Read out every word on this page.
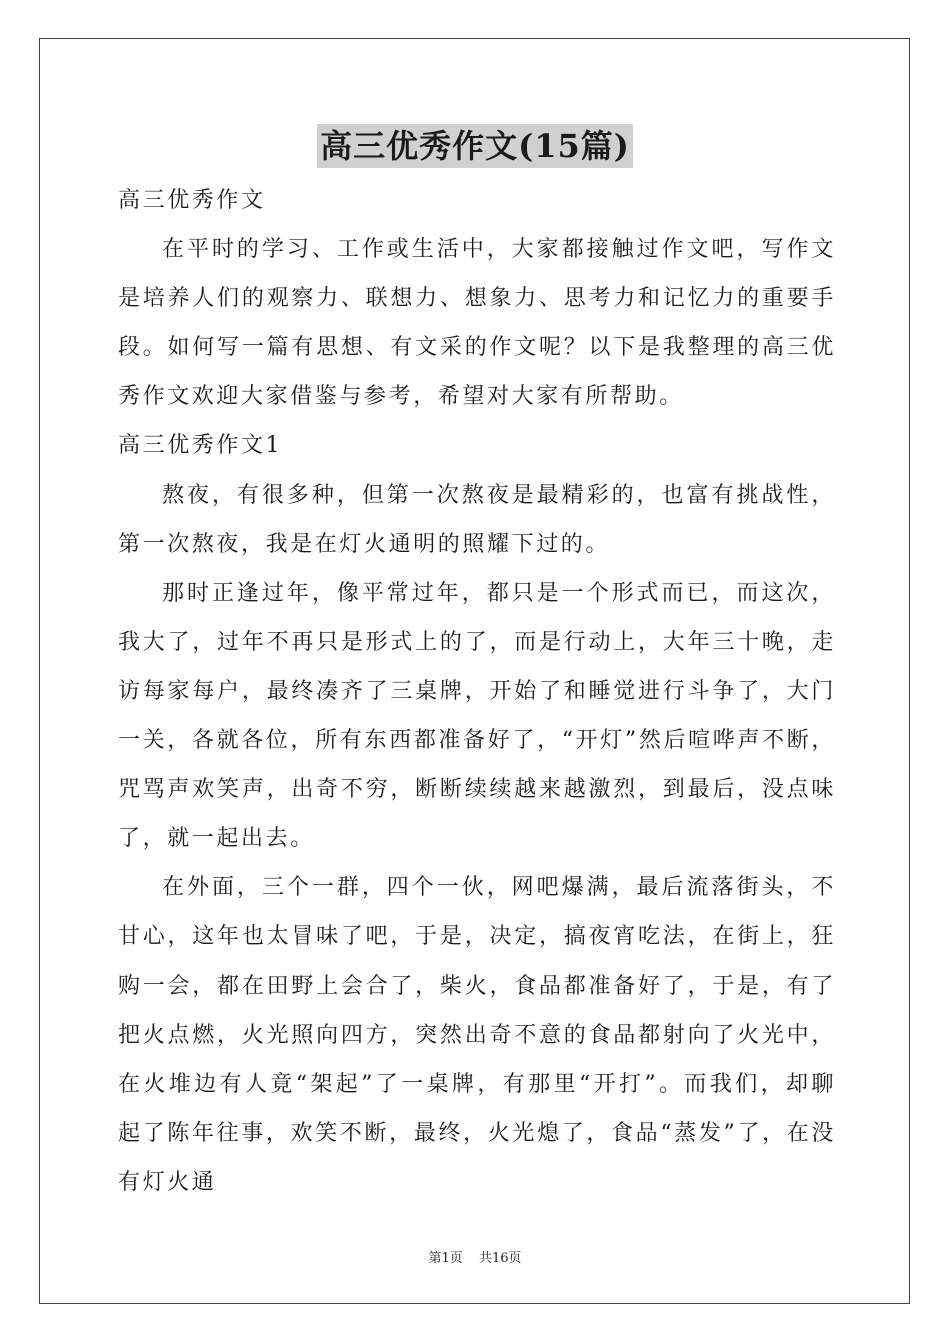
高三优秀作文(15篇)

高三优秀作文

在平时的学习、工作或生活中，大家都接触过作文吧，写作文是培养人们的观察力、联想力、想象力、思考力和记忆力的重要手段。如何写一篇有思想、有文采的作文呢？以下是我整理的高三优秀作文欢迎大家借鉴与参考，希望对大家有所帮助。

高三优秀作文1

熬夜，有很多种，但第一次熬夜是最精彩的，也富有挑战性，第一次熬夜，我是在灯火通明的照耀下过的。

那时正逢过年，像平常过年，都只是一个形式而已，而这次，我大了，过年不再只是形式上的了，而是行动上，大年三十晚，走访每家每户，最终凑齐了三桌牌，开始了和睡觉进行斗争了，大门一关，各就各位，所有东西都准备好了，“开灯”然后喧哗声不断，咒骂声欢笑声，出奇不穷，断断续续越来越激烈，到最后，没点味了，就一起出去。

在外面，三个一群，四个一伙，网吧爆满，最后流落街头，不甘心，这年也太冒味了吧，于是，决定，搞夜宵吃法，在街上，狂购一会，都在田野上会合了，柴火，食品都准备好了，于是，有了把火点燃，火光照向四方，突然出奇不意的食品都射向了火光中，在火堆边有人竟“架起”了一桌牌，有那里“开打”。而我们，却聊起了陈年往事，欢笑不断，最终，火光熄了，食品“蒸发”了，在没有灯火通

第1页 共16页
